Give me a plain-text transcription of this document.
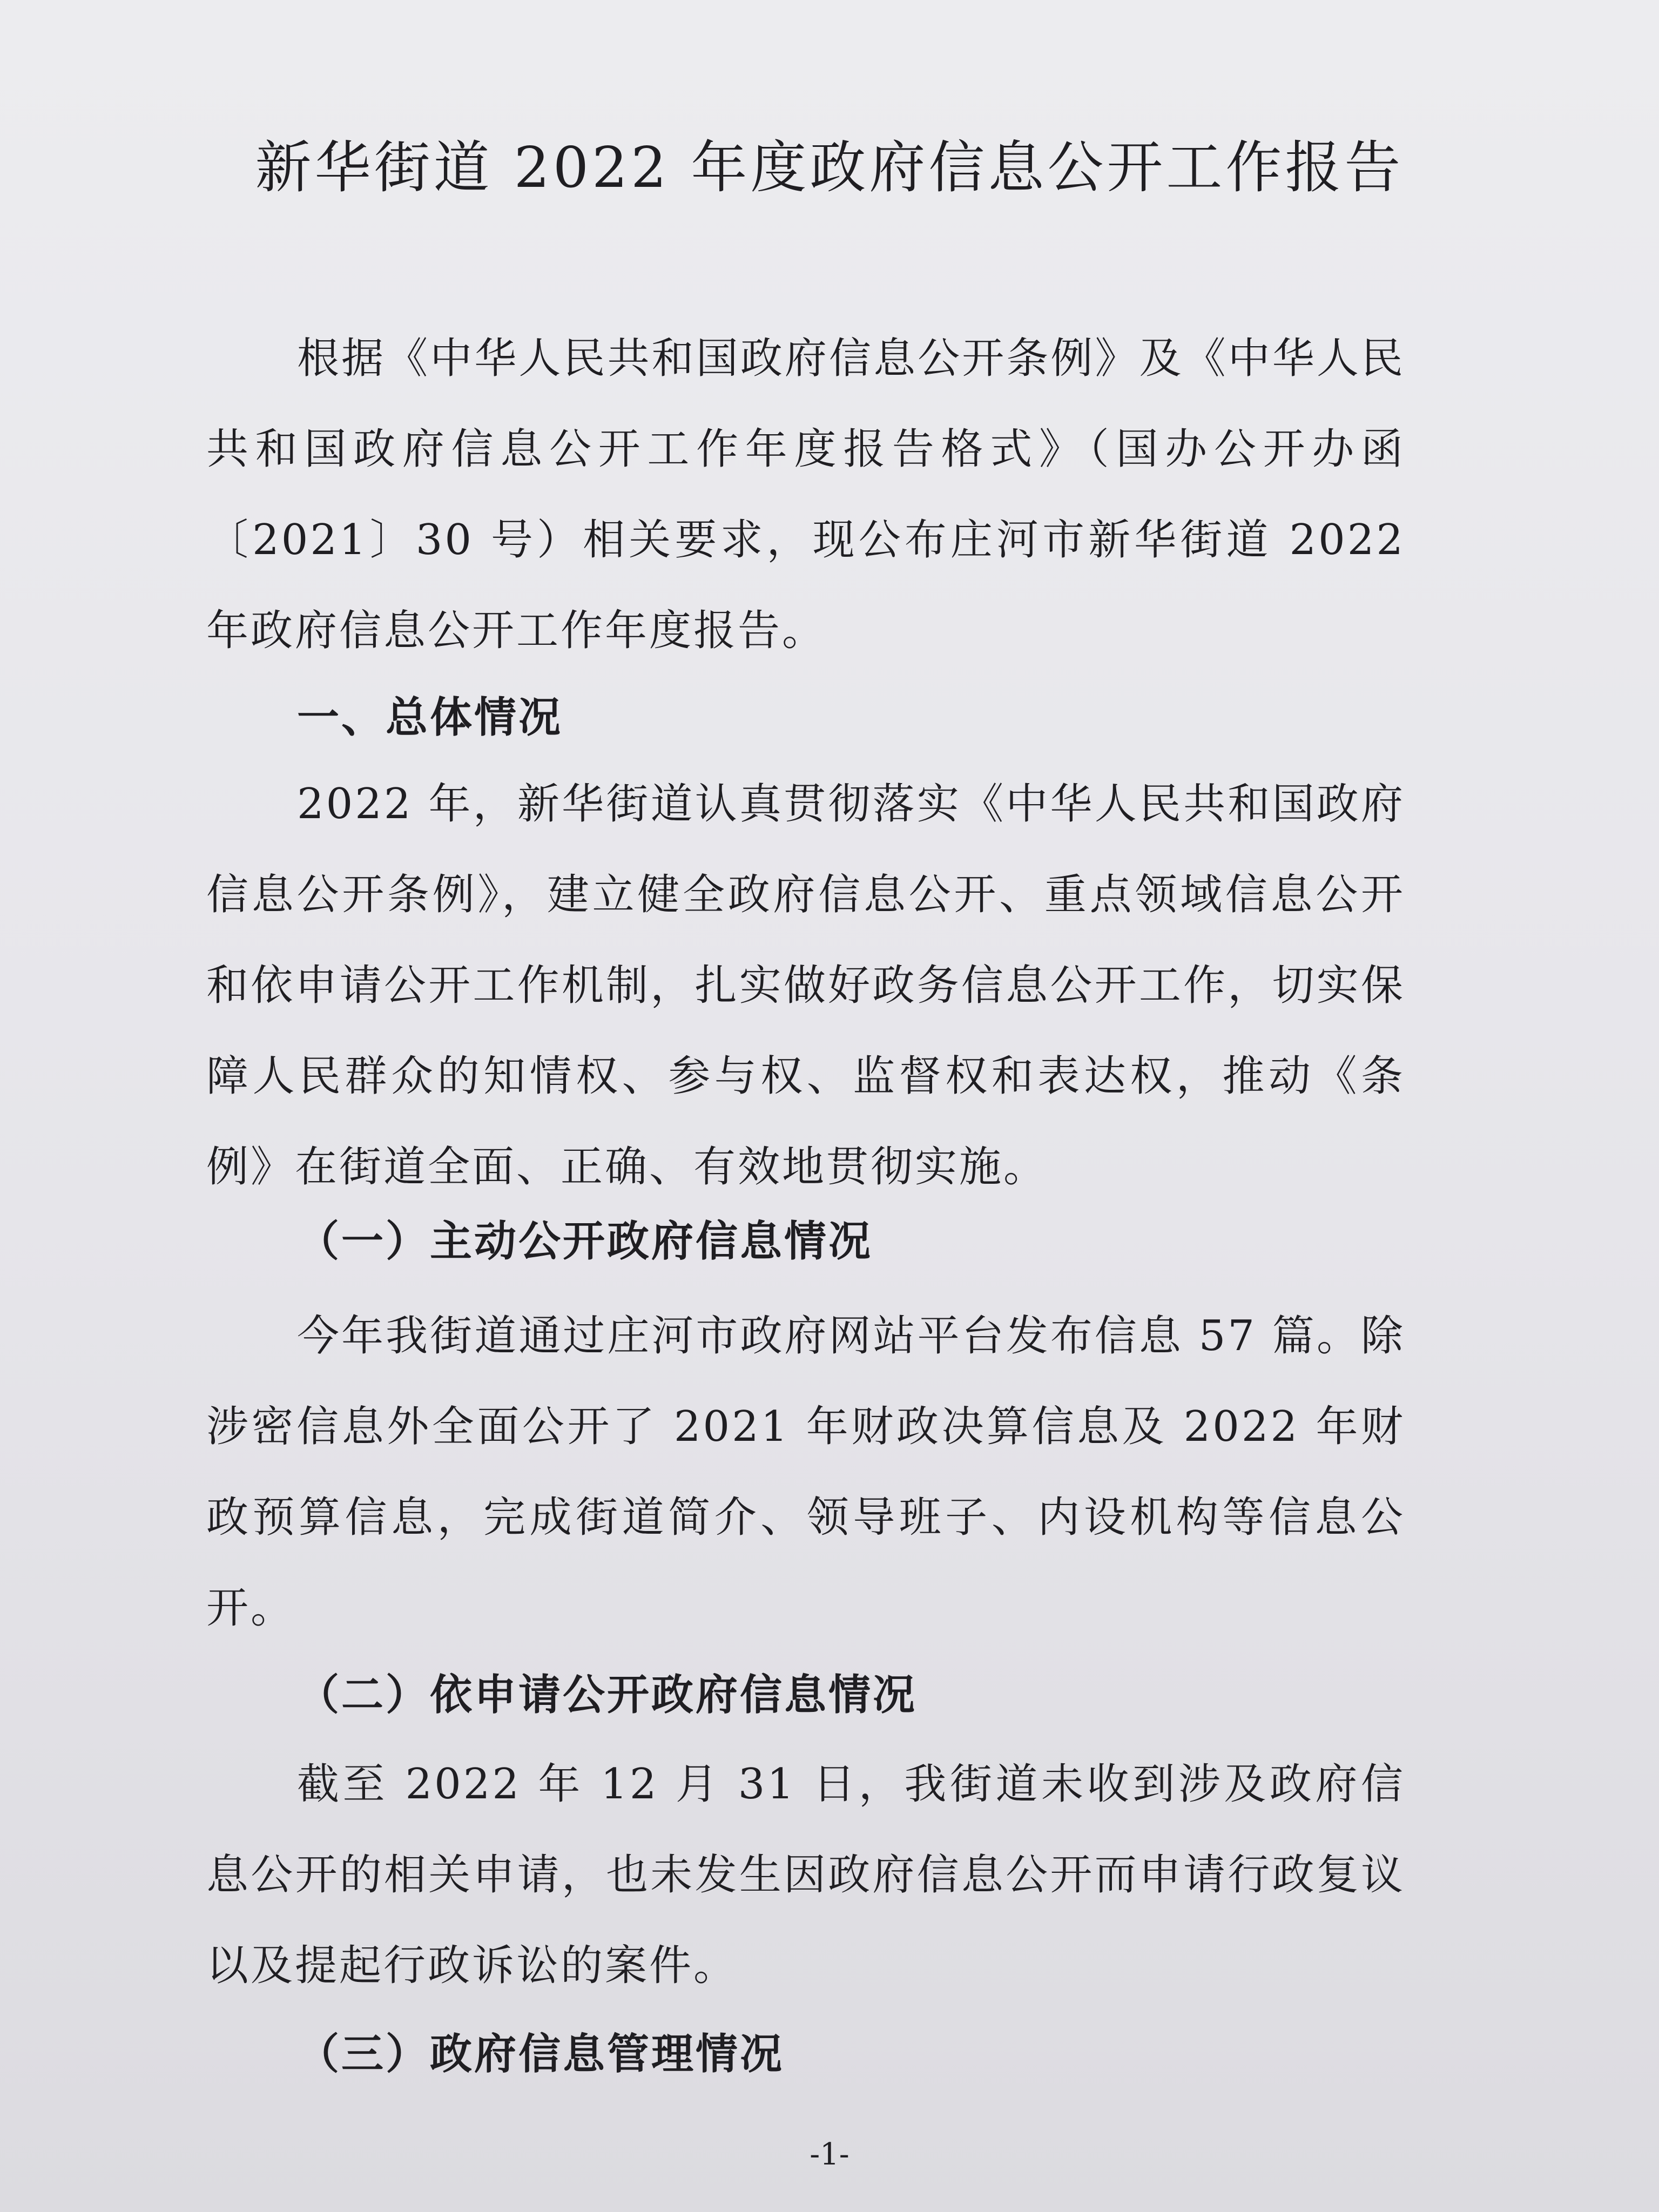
新华街道 2022 年度政府信息公开工作报告

根据《中华人民共和国政府信息公开条例》及《中华人民共和国政府信息公开工作年度报告格式》（国办公开办函〔2021〕30 号）相关要求，现公布庄河市新华街道 2022 年政府信息公开工作年度报告。

一、总体情况

2022 年，新华街道认真贯彻落实《中华人民共和国政府信息公开条例》，建立健全政府信息公开、重点领域信息公开和依申请公开工作机制，扎实做好政务信息公开工作，切实保障人民群众的知情权、参与权、监督权和表达权，推动《条例》在街道全面、正确、有效地贯彻实施。

（一）主动公开政府信息情况

今年我街道通过庄河市政府网站平台发布信息 57 篇。除涉密信息外全面公开了 2021 年财政决算信息及 2022 年财政预算信息，完成街道简介、领导班子、内设机构等信息公开。

（二）依申请公开政府信息情况

截至 2022 年 12 月 31 日，我街道未收到涉及政府信息公开的相关申请，也未发生因政府信息公开而申请行政复议以及提起行政诉讼的案件。

（三）政府信息管理情况
-1-
